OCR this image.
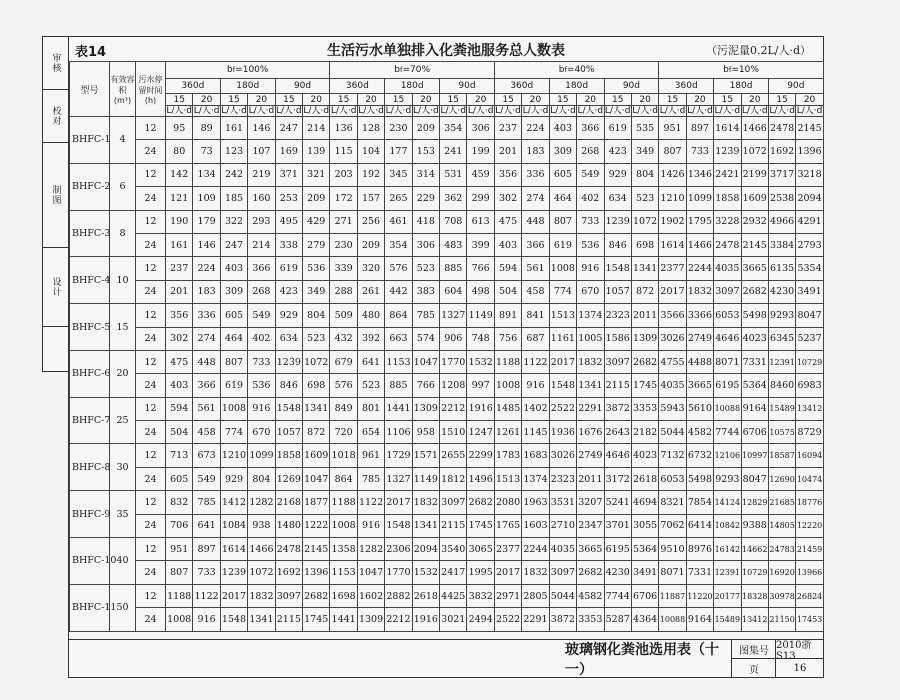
审核
校对
制图
设计
表14	生活污水单独排入化粪池服务总人数表	（污泥量0.2L/人·d）
型号	有效容积(m³)	污水停留时间(h)	bf=100%						bf=70%						bf=40%						bf=10%					
			360d		180d		90d		360d		180d		90d		360d		180d		90d		360d		180d		90d	
			15	20	15	20	15	20	15	20	15	20	15	20	15	20	15	20	15	20	15	20	15	20	15	20
			L/人·d	L/人·d	L/人·d	L/人·d	L/人·d	L/人·d	L/人·d	L/人·d	L/人·d	L/人·d	L/人·d	L/人·d	L/人·d	L/人·d	L/人·d	L/人·d	L/人·d	L/人·d	L/人·d	L/人·d	L/人·d	L/人·d	L/人·d	L/人·d
BHFC-1	4	12	95	89	161	146	247	214	136	128	230	209	354	306	237	224	403	366	619	535	951	897	1614	1466	2478	2145
		24	80	73	123	107	169	139	115	104	177	153	241	199	201	183	309	268	423	349	807	733	1239	1072	1692	1396
BHFC-2	6	12	142	134	242	219	371	321	203	192	345	314	531	459	356	336	605	549	929	804	1426	1346	2421	2199	3717	3218
		24	121	109	185	160	253	209	172	157	265	229	362	299	302	274	464	402	634	523	1210	1099	1858	1609	2538	2094
BHFC-3	8	12	190	179	322	293	495	429	271	256	461	418	708	613	475	448	807	733	1239	1072	1902	1795	3228	2932	4966	4291
		24	161	146	247	214	338	279	230	209	354	306	483	399	403	366	619	536	846	698	1614	1466	2478	2145	3384	2793
BHFC-4	10	12	237	224	403	366	619	536	339	320	576	523	885	766	594	561	1008	916	1548	1341	2377	2244	4035	3665	6135	5354
		24	201	183	309	268	423	349	288	261	442	383	604	498	504	458	774	670	1057	872	2017	1832	3097	2682	4230	3491
BHFC-5	15	12	356	336	605	549	929	804	509	480	864	785	1327	1149	891	841	1513	1374	2323	2011	3566	3366	6053	5498	9293	8047
		24	302	274	464	402	634	523	432	392	663	574	906	748	756	687	1161	1005	1586	1309	3026	2749	4646	4023	6345	5237
BHFC-6	20	12	475	448	807	733	1239	1072	679	641	1153	1047	1770	1532	1188	1122	2017	1832	3097	2682	4755	4488	8071	7331	12391	10729
		24	403	366	619	536	846	698	576	523	885	766	1208	997	1008	916	1548	1341	2115	1745	4035	3665	6195	5364	8460	6983
BHFC-7	25	12	594	561	1008	916	1548	1341	849	801	1441	1309	2212	1916	1485	1402	2522	2291	3872	3353	5943	5610	10088	9164	15489	13412
		24	504	458	774	670	1057	872	720	654	1106	958	1510	1247	1261	1145	1936	1676	2643	2182	5044	4582	7744	6706	10575	8729
BHFC-8	30	12	713	673	1210	1099	1858	1609	1018	961	1729	1571	2655	2299	1783	1683	3026	2749	4646	4023	7132	6732	12106	10997	18587	16094
		24	605	549	929	804	1269	1047	864	785	1327	1149	1812	1496	1513	1374	2323	2011	3172	2618	6053	5498	9293	8047	12690	10474
BHFC-9	35	12	832	785	1412	1282	2168	1877	1188	1122	2017	1832	3097	2682	2080	1963	3531	3207	5241	4694	8321	7854	14124	12829	21685	18776
		24	706	641	1084	938	1480	1222	1008	916	1548	1341	2115	1745	1765	1603	2710	2347	3701	3055	7062	6414	10842	9388	14805	12220
BHFC-10	40	12	951	897	1614	1466	2478	2145	1358	1282	2306	2094	3540	3065	2377	2244	4035	3665	6195	5364	9510	8976	16142	14662	24783	21459
		24	807	733	1239	1072	1692	1396	1153	1047	1770	1532	2417	1995	2017	1832	3097	2682	4230	3491	8071	7331	12391	10729	16920	13966
BHFC-11	50	12	1188	1122	2017	1832	3097	2682	1698	1602	2882	2618	4425	3832	2971	2805	5044	4582	7744	6706	11887	11220	20177	18328	30978	26824
		24	1008	916	1548	1341	2115	1745	1441	1309	2212	1916	3021	2494	2522	2291	3872	3353	5287	4364	10088	9164	15489	13412	21150	17453
玻璃钢化粪池选用表（十一）
图集号 2010浙S13
页	16
